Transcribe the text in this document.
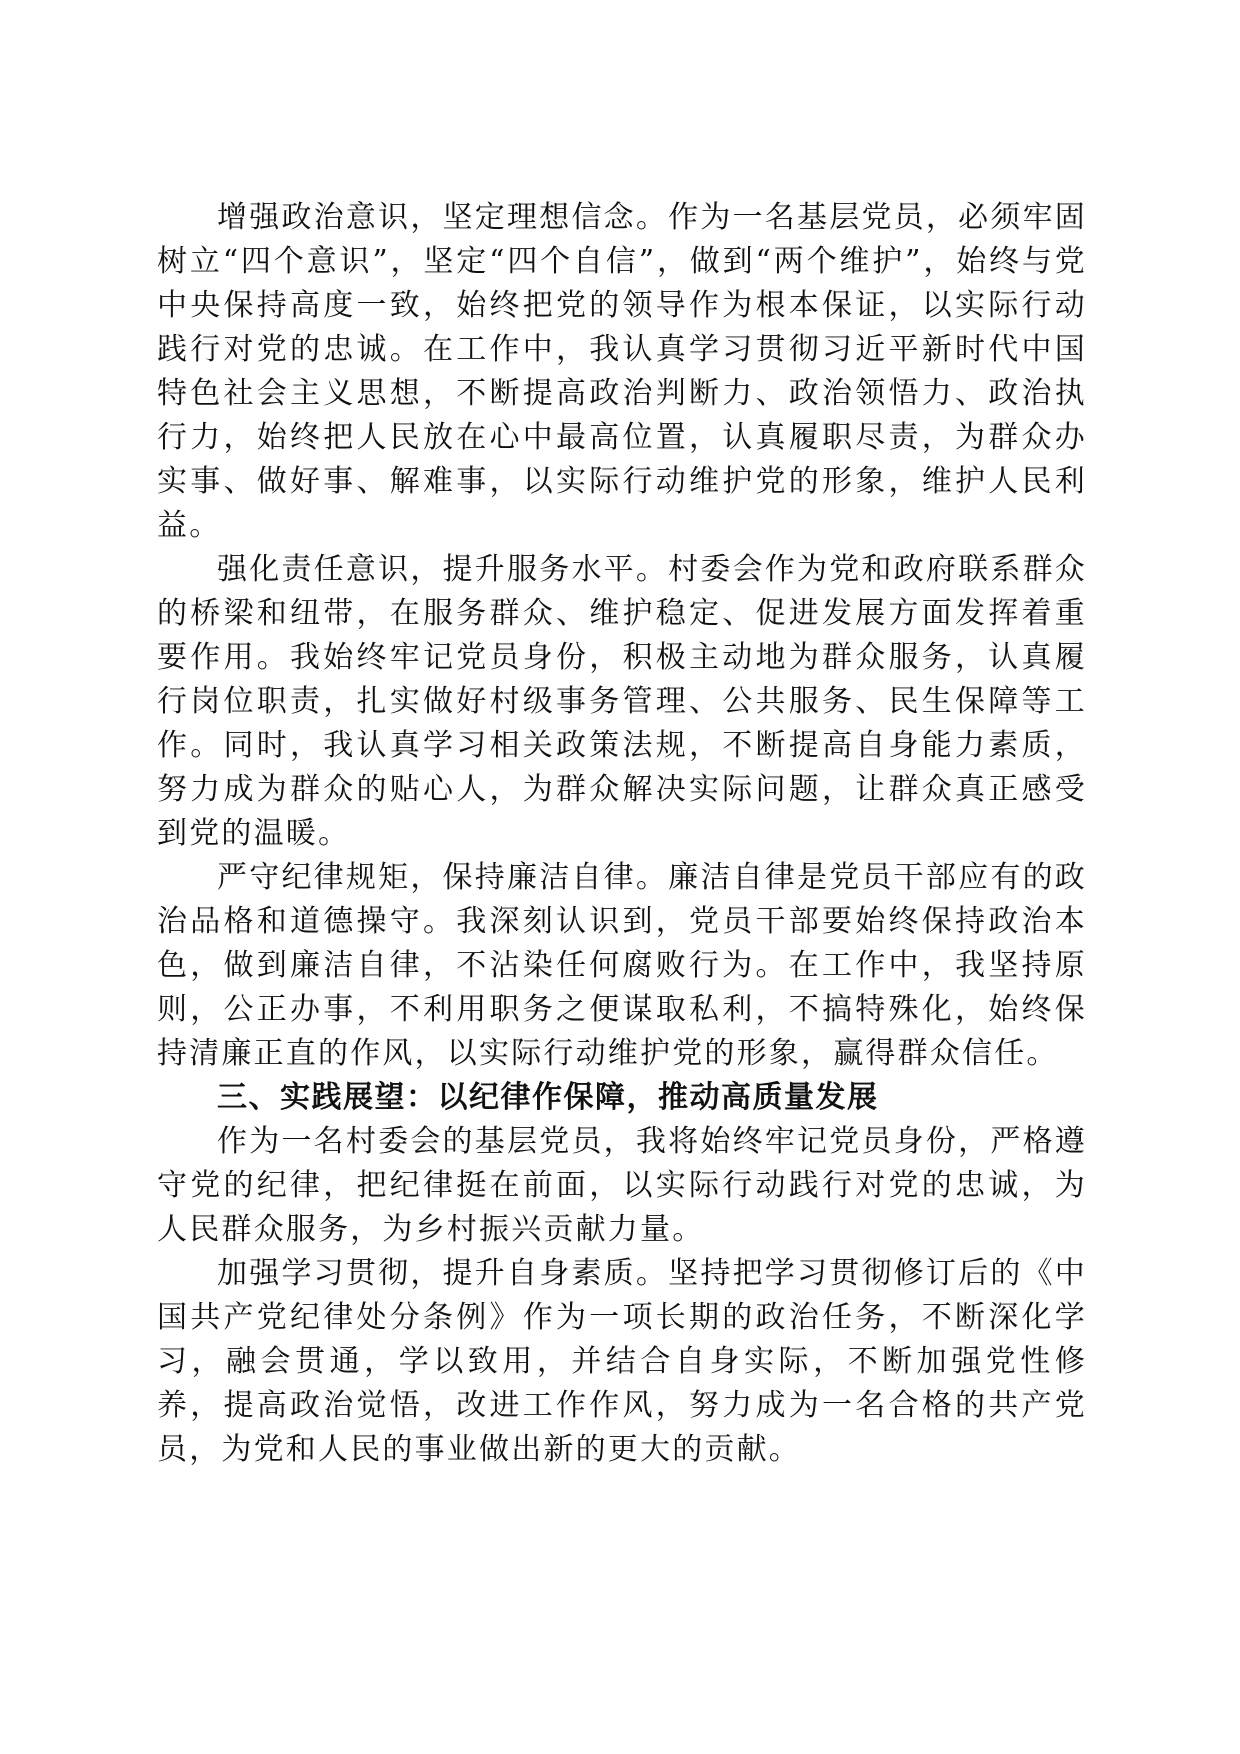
增强政治意识，坚定理想信念。作为一名基层党员，必须牢固树立“四个意识”，坚定“四个自信”，做到“两个维护”，始终与党中央保持高度一致，始终把党的领导作为根本保证，以实际行动践行对党的忠诚。在工作中，我认真学习贯彻习近平新时代中国特色社会主义思想，不断提高政治判断力、政治领悟力、政治执行力，始终把人民放在心中最高位置，认真履职尽责，为群众办实事、做好事、解难事，以实际行动维护党的形象，维护人民利益。

强化责任意识，提升服务水平。村委会作为党和政府联系群众的桥梁和纽带，在服务群众、维护稳定、促进发展方面发挥着重要作用。我始终牢记党员身份，积极主动地为群众服务，认真履行岗位职责，扎实做好村级事务管理、公共服务、民生保障等工作。同时，我认真学习相关政策法规，不断提高自身能力素质，努力成为群众的贴心人，为群众解决实际问题，让群众真正感受到党的温暖。

严守纪律规矩，保持廉洁自律。廉洁自律是党员干部应有的政治品格和道德操守。我深刻认识到，党员干部要始终保持政治本色，做到廉洁自律，不沾染任何腐败行为。在工作中，我坚持原则，公正办事，不利用职务之便谋取私利，不搞特殊化，始终保持清廉正直的作风，以实际行动维护党的形象，赢得群众信任。

三、实践展望：以纪律作保障，推动高质量发展

作为一名村委会的基层党员，我将始终牢记党员身份，严格遵守党的纪律，把纪律挺在前面，以实际行动践行对党的忠诚，为人民群众服务，为乡村振兴贡献力量。

加强学习贯彻，提升自身素质。坚持把学习贯彻修订后的《中国共产党纪律处分条例》作为一项长期的政治任务，不断深化学习，融会贯通，学以致用，并结合自身实际，不断加强党性修养，提高政治觉悟，改进工作作风，努力成为一名合格的共产党员，为党和人民的事业做出新的更大的贡献。
